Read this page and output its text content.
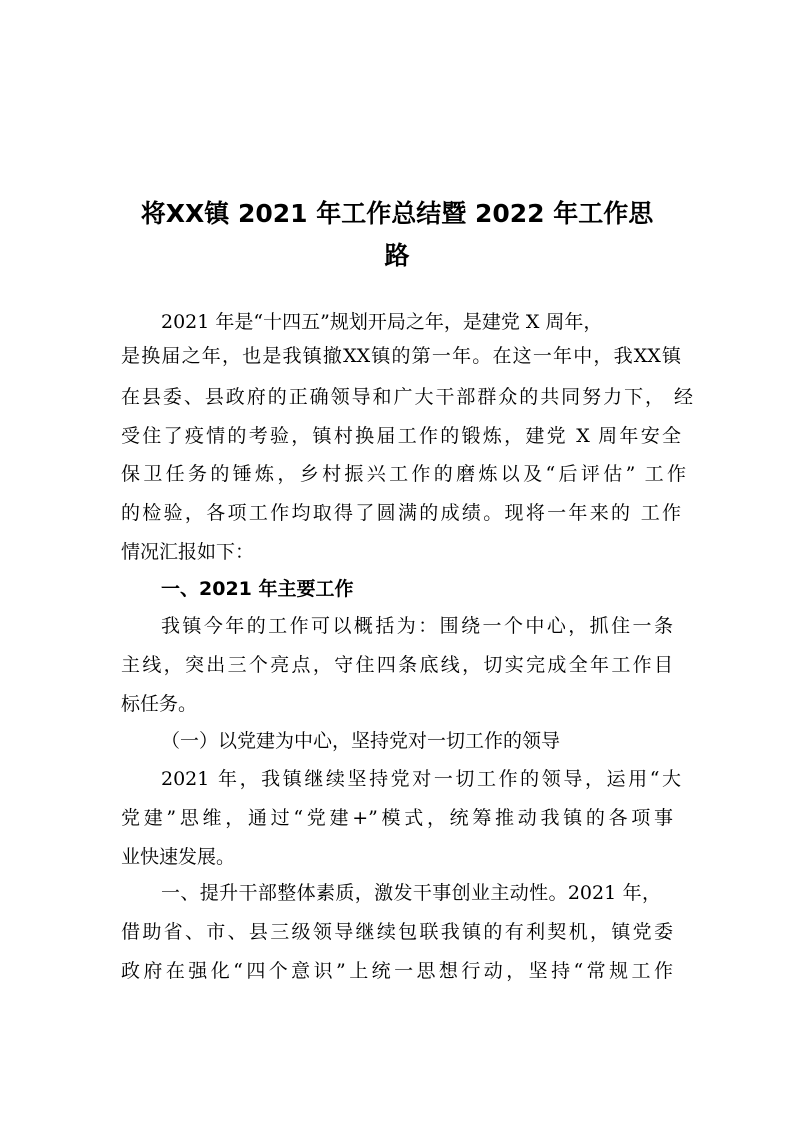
将XX镇 2021 年工作总结暨 2022 年工作思
路
2021 年是“十四五”规划开局之年，是建党 X 周年，
是换届之年，也是我镇撤XX镇的第一年。在这一年中，我XX镇
在县委、县政府的正确领导和广大干部群众的共同努力下， 经
受住了疫情的考验，镇村换届工作的锻炼，建党 X 周年安全
保卫任务的锤炼，乡村振兴工作的磨炼以及“后评估” 工作
的检验，各项工作均取得了圆满的成绩。现将一年来的 工作
情况汇报如下：
一、2021 年主要工作
我镇今年的工作可以概括为：围绕一个中心，抓住一条
主线，突出三个亮点，守住四条底线，切实完成全年工作目
标任务。
（一）以党建为中心，坚持党对一切工作的领导
2021 年，我镇继续坚持党对一切工作的领导，运用“大
党建”思维，通过“党建+”模式，统筹推动我镇的各项事
业快速发展。
一、提升干部整体素质，激发干事创业主动性。2021 年，
借助省、市、县三级领导继续包联我镇的有利契机，镇党委
政府在强化“四个意识”上统一思想行动，坚持“常规工作
